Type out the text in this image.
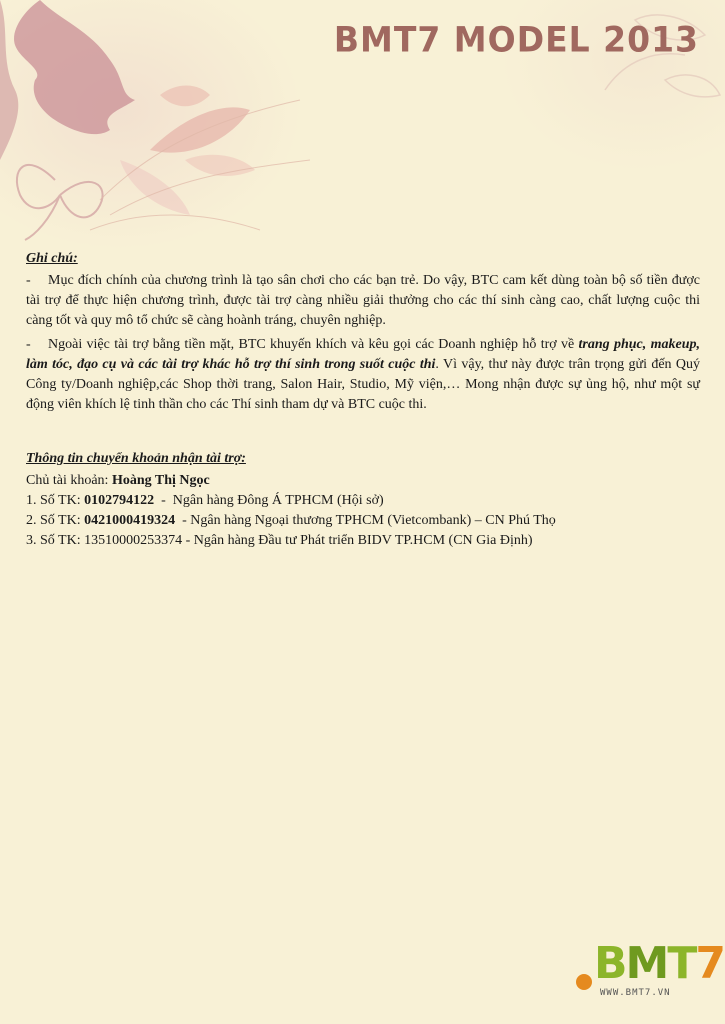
BMT7 MODEL 2013

Ghi chú:

- Mục đích chính của chương trình là tạo sân chơi cho các bạn trẻ. Do vậy, BTC cam kết dùng toàn bộ số tiền được tài trợ để thực hiện chương trình, được tài trợ càng nhiều giải thưởng cho các thí sinh càng cao, chất lượng cuộc thi càng tốt và quy mô tổ chức sẽ càng hoành tráng, chuyên nghiệp.

- Ngoài việc tài trợ bằng tiền mặt, BTC khuyến khích và kêu gọi các Doanh nghiệp hỗ trợ về trang phục, makeup, làm tóc, đạo cụ và các tài trợ khác hỗ trợ thí sinh trong suốt cuộc thi. Vì vậy, thư này được trân trọng gửi đến Quý Công ty/Doanh nghiệp,các Shop thời trang, Salon Hair, Studio, Mỹ viện,… Mong nhận được sự ủng hộ, như một sự động viên khích lệ tinh thần cho các Thí sinh tham dự và BTC cuộc thi.

Thông tin chuyển khoản nhận tài trợ:

Chủ tài khoản: Hoàng Thị Ngọc

1. Số TK: 0102794122  -  Ngân hàng Đông Á TPHCM (Hội sở)

2. Số TK: 0421000419324  - Ngân hàng Ngoại thương TPHCM (Vietcombank) – CN Phú Thọ

3. Số TK: 13510000253374 - Ngân hàng Đầu tư Phát triển BIDV TP.HCM (CN Gia Định)

BMT7
WWW.BMT7.VN
